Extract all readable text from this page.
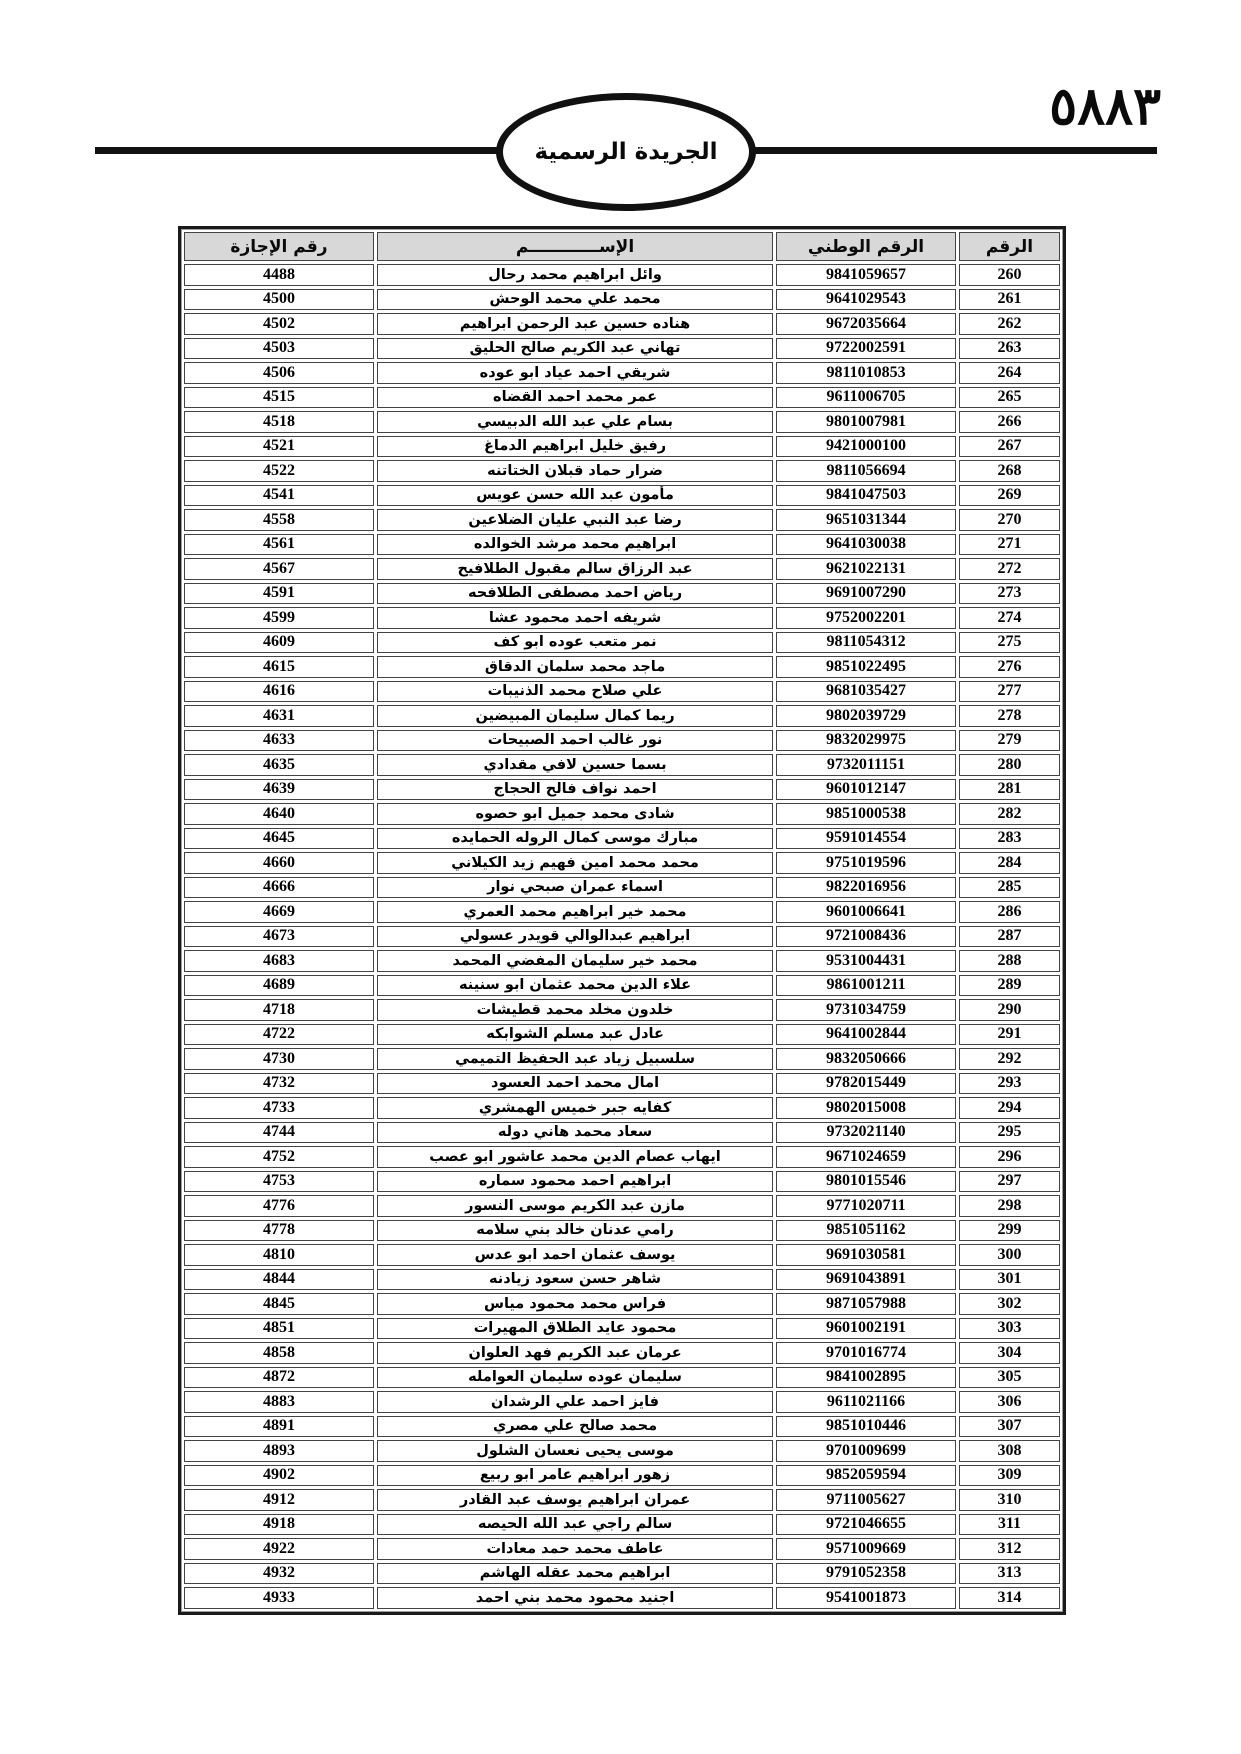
٥٨٨٣
الجريدة الرسمية
الرقم	الرقم الوطني	الإســــــــــــم	رقم الإجازة
260	9841059657	وائل ابراهيم محمد رحال	4488
261	9641029543	محمد علي محمد الوحش	4500
262	9672035664	هناده حسين عبد الرحمن ابراهيم	4502
263	9722002591	تهاني عبد الكريم صالح الحليق	4503
264	9811010853	شريقي احمد عياد ابو عوده	4506
265	9611006705	عمر محمد احمد القضاه	4515
266	9801007981	بسام علي عبد الله الدبيسي	4518
267	9421000100	رفيق خليل ابراهيم الدماغ	4521
268	9811056694	ضرار حماد قبلان الختاتنه	4522
269	9841047503	مأمون عبد الله حسن عويس	4541
270	9651031344	رضا عبد النبي عليان الضلاعين	4558
271	9641030038	ابراهيم محمد مرشد الخوالده	4561
272	9621022131	عبد الرزاق سالم مقبول الطلافيح	4567
273	9691007290	رياض احمد مصطفى الطلافحه	4591
274	9752002201	شريفه احمد محمود عشا	4599
275	9811054312	نمر متعب عوده ابو كف	4609
276	9851022495	ماجد محمد سلمان الدقاق	4615
277	9681035427	علي صلاح محمد الذنيبات	4616
278	9802039729	ريما كمال سليمان المبيضين	4631
279	9832029975	نور غالب احمد الصبيحات	4633
280	9732011151	بسما حسين لافي مقدادي	4635
281	9601012147	احمد نواف فالح الحجاج	4639
282	9851000538	شادى محمد جميل ابو حصوه	4640
283	9591014554	مبارك موسى كمال الروله الحمايده	4645
284	9751019596	محمد محمد امين فهيم زيد الكيلاني	4660
285	9822016956	اسماء عمران صبحي نوار	4666
286	9601006641	محمد خير ابراهيم محمد العمري	4669
287	9721008436	ابراهيم عبدالوالي قويدر عسولي	4673
288	9531004431	محمد خير سليمان المفضي المحمد	4683
289	9861001211	علاء الدين محمد عثمان ابو سنينه	4689
290	9731034759	خلدون مخلد محمد قطيشات	4718
291	9641002844	عادل عبد مسلم الشوابكه	4722
292	9832050666	سلسبيل زياد عبد الحفيظ التميمي	4730
293	9782015449	امال محمد احمد العسود	4732
294	9802015008	كفايه جبر خميس الهمشري	4733
295	9732021140	سعاد محمد هاني دوله	4744
296	9671024659	ايهاب عصام الدين محمد عاشور ابو عصب	4752
297	9801015546	ابراهيم احمد محمود سماره	4753
298	9771020711	مازن عبد الكريم موسى النسور	4776
299	9851051162	رامي عدنان خالد بني سلامه	4778
300	9691030581	يوسف عثمان احمد ابو عدس	4810
301	9691043891	شاهر حسن سعود زيادنه	4844
302	9871057988	فراس محمد محمود مياس	4845
303	9601002191	محمود عايد الطلاق المهيرات	4851
304	9701016774	عرمان عبد الكريم فهد العلوان	4858
305	9841002895	سليمان عوده سليمان العوامله	4872
306	9611021166	فايز احمد علي الرشدان	4883
307	9851010446	محمد صالح علي مصري	4891
308	9701009699	موسى يحيى نعسان الشلول	4893
309	9852059594	زهور ابراهيم عامر ابو ربيع	4902
310	9711005627	عمران ابراهيم يوسف عبد القادر	4912
311	9721046655	سالم راجي عبد الله الحيصه	4918
312	9571009669	عاطف محمد حمد معادات	4922
313	9791052358	ابراهيم محمد عقله الهاشم	4932
314	9541001873	اجنيد محمود محمد بني احمد	4933
